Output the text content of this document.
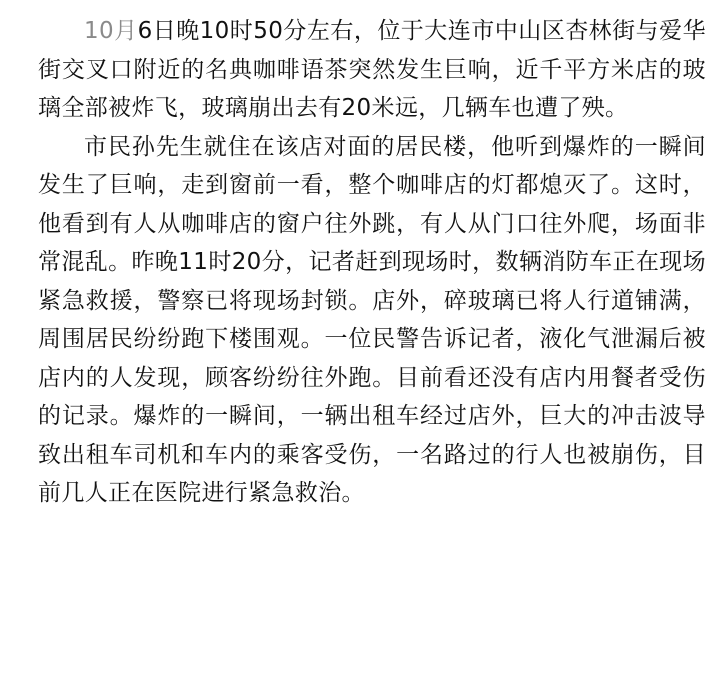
10月6日晚10时50分左右，位于大连市中山区杏林街与爱华街交叉口附近的名典咖啡语茶突然发生巨响，近千平方米店的玻璃全部被炸飞，玻璃崩出去有20米远，几辆车也遭了殃。

市民孙先生就住在该店对面的居民楼，他听到爆炸的一瞬间发生了巨响，走到窗前一看，整个咖啡店的灯都熄灭了。这时，他看到有人从咖啡店的窗户往外跳，有人从门口往外爬，场面非常混乱。昨晚11时20分，记者赶到现场时，数辆消防车正在现场紧急救援，警察已将现场封锁。店外，碎玻璃已将人行道铺满，周围居民纷纷跑下楼围观。一位民警告诉记者，液化气泄漏后被店内的人发现，顾客纷纷往外跑。目前看还没有店内用餐者受伤的记录。爆炸的一瞬间，一辆出租车经过店外，巨大的冲击波导致出租车司机和车内的乘客受伤，一名路过的行人也被崩伤，目前几人正在医院进行紧急救治。
